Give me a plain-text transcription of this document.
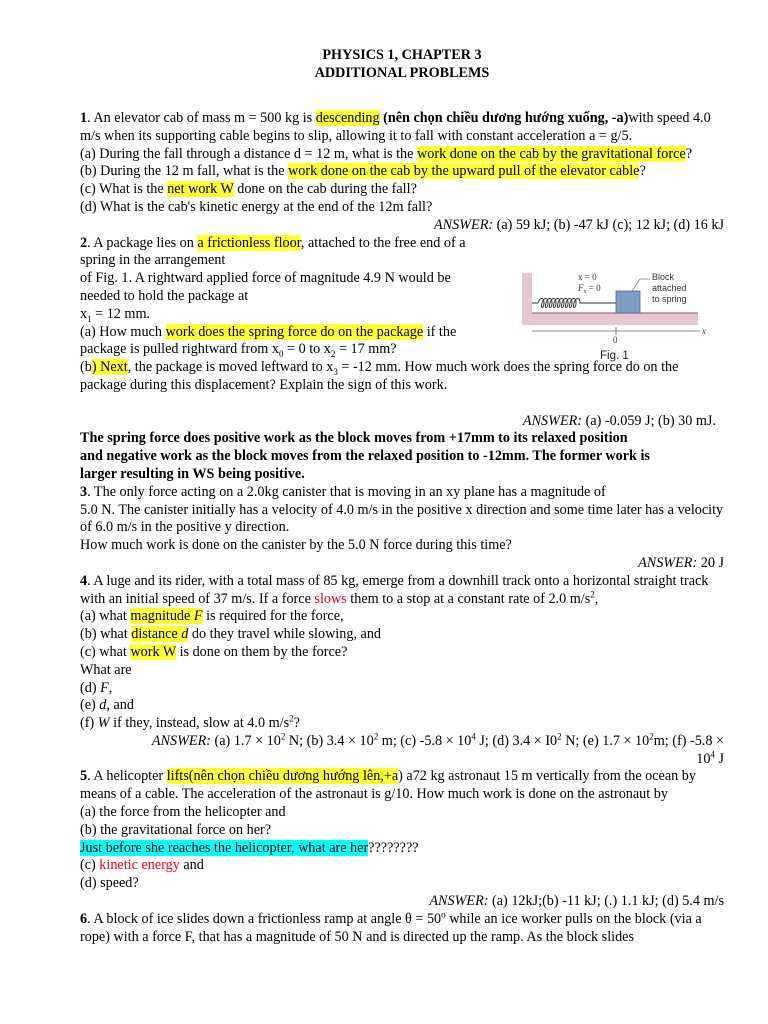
PHYSICS 1, CHAPTER 3

ADDITIONAL PROBLEMS

1. An elevator cab of mass m = 500 kg is descending (nên chọn chiều dương hướng xuống, -a)with speed 4.0 m/s when its supporting cable begins to slip, allowing it to fall with constant acceleration a = g/5.

(a) During the fall through a distance d = 12 m, what is the work done on the cab by the gravitational force?

(b) During the 12 m fall, what is the work done on the cab by the upward pull of the elevator cable?

(c) What is the net work W done on the cab during the fall?

(d) What is the cab's kinetic energy at the end of the 12m fall?

ANSWER: (a) 59 kJ; (b) -47 kJ (c); 12 kJ; (d) 16 kJ

2. A package lies on a frictionless floor, attached to the free end of a

spring in the arrangement

of Fig. 1. A rightward applied force of magnitude 4.9 N would be

needed to hold the package at

$x_1 = 12$ mm.

(a) How much work does the spring force do on the package if the

package is pulled rightward from $x_0 = 0$ to $x_2 = 17$ mm?

(b) Next, the package is moved leftward to $x_3 = -12$ mm. How much work does the spring force do on the package during this displacement? Explain the sign of this work.

ANSWER: (a) -0.059 J; (b) 30 mJ.

The spring force does positive work as the block moves from +17mm to its relaxed position

and negative work as the block moves from the relaxed position to -12mm. The former work is

larger resulting in WS being positive.

3. The only force acting on a 2.0kg canister that is moving in an xy plane has a magnitude of

5.0 N. The canister initially has a velocity of 4.0 m/s in the positive x direction and some time later has a velocity of 6.0 m/s in the positive y direction.

How much work is done on the canister by the 5.0 N force during this time?

ANSWER: 20 J

4. A luge and its rider, with a total mass of 85 kg, emerge from a downhill track onto a horizontal straight track with an initial speed of 37 m/s. If a force slows them to a stop at a constant rate of 2.0 $m/s^2$,

(a) what magnitude F is required for the force,

(b) what distance d do they travel while slowing, and

(c) what work W is done on them by the force?

What are

(d) F,

(e) d, and

(f) W if they, instead, slow at 4.0 $m/s^2$?

ANSWER: (a) $1.7 \times 10^2$ N; (b) $3.4 \times 10^2$ m; (c) $-5.8 \times 10^4$ J; (d) $3.4 \times I0^2$ N; (e) $1.7 \times 10^2m$; (f) -5.8 ×

$10^4$ J

5. A helicopter lifts(nên chọn chiều dương hướng lên,+a) a72 kg astronaut 15 m vertically from the ocean by means of a cable. The acceleration of the astronaut is g/10. How much work is done on the astronaut by

(a) the force from the helicopter and

(b) the gravitational force on her?

Just before she reaches the helicopter, what are her????????

(c) kinetic energy and

(d) speed?

ANSWER: (a) 12kJ;(b) -11 kJ; (.) 1.1 kJ; (d) 5.4 m/s

6. A block of ice slides down a frictionless ramp at angle $\theta = 50^o$ while an ice worker pulls on the block (via a rope) with a force F, that has a magnitude of 50 N and is directed up the ramp. As the block slides

x = 0
$F_x = 0$
Block
attached
to spring
0
x
Fig. 1
